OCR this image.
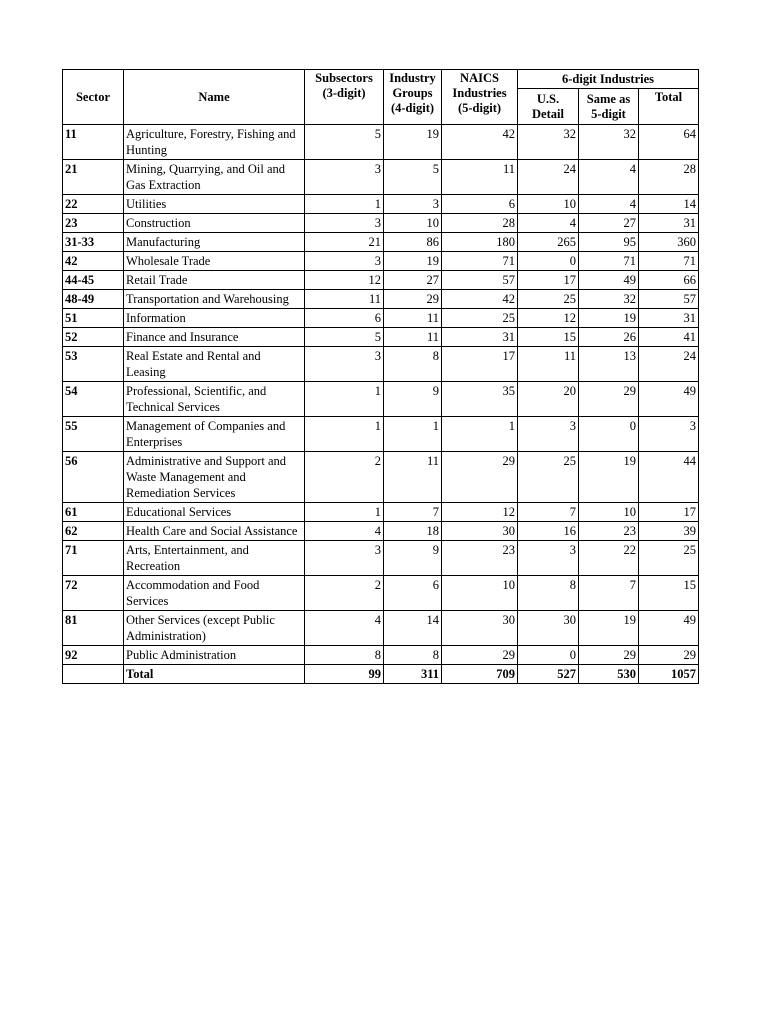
Sector	Name	Subsectors (3-digit)	Industry Groups (4-digit)	NAICS Industries (5-digit)	6-digit Industries		
					U.S. Detail	Same as 5-digit	Total
11	Agriculture, Forestry, Fishing and Hunting	5	19	42	32	32	64
21	Mining, Quarrying, and Oil and Gas Extraction	3	5	11	24	4	28
22	Utilities	1	3	6	10	4	14
23	Construction	3	10	28	4	27	31
31-33	Manufacturing	21	86	180	265	95	360
42	Wholesale Trade	3	19	71	0	71	71
44-45	Retail Trade	12	27	57	17	49	66
48-49	Transportation and Warehousing	11	29	42	25	32	57
51	Information	6	11	25	12	19	31
52	Finance and Insurance	5	11	31	15	26	41
53	Real Estate and Rental and Leasing	3	8	17	11	13	24
54	Professional, Scientific, and Technical Services	1	9	35	20	29	49
55	Management of Companies and Enterprises	1	1	1	3	0	3
56	Administrative and Support and Waste Management and Remediation Services	2	11	29	25	19	44
61	Educational Services	1	7	12	7	10	17
62	Health Care and Social Assistance	4	18	30	16	23	39
71	Arts, Entertainment, and Recreation	3	9	23	3	22	25
72	Accommodation and Food Services	2	6	10	8	7	15
81	Other Services (except Public Administration)	4	14	30	30	19	49
92	Public Administration	8	8	29	0	29	29
	Total	99	311	709	527	530	1057
